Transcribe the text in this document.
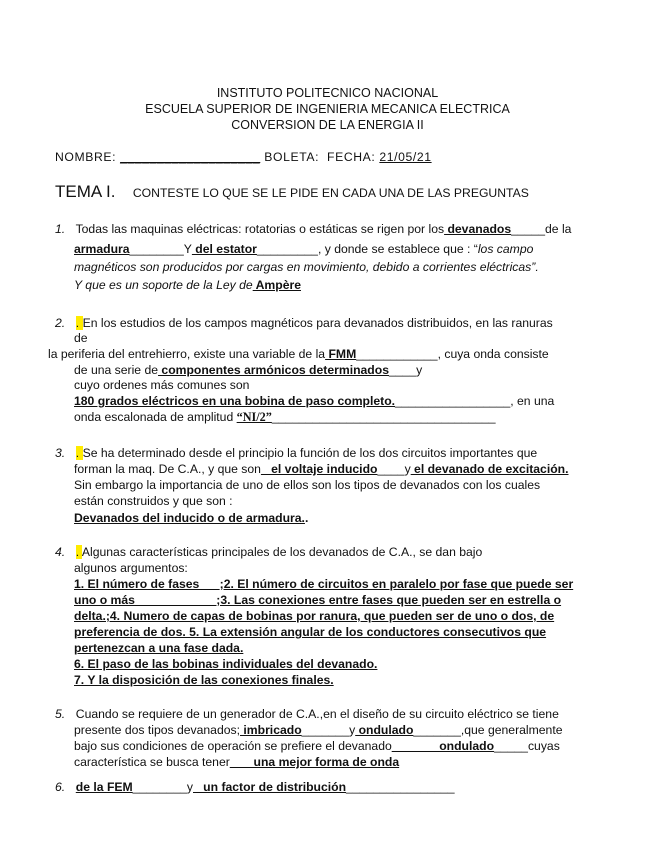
INSTITUTO POLITECNICO NACIONAL
ESCUELA SUPERIOR DE INGENIERIA MECANICA ELECTRICA
CONVERSION DE LA ENERGIA II
NOMBRE: ___________________ BOLETA: FECHA: 21/05/21
TEMA I. CONTESTE LO QUE SE LE PIDE EN CADA UNA DE LAS PREGUNTAS
1. Todas las maquinas eléctricas: rotatorias o estáticas se rigen por los devanados_____de la
armadura________Y del estator_________, y donde se establece que : “los campo
magnéticos son producidos por cargas en movimiento, debido a corrientes eléctricas”.
Y que es un soporte de la Ley de Ampère
2. . En los estudios de los campos magnéticos para devanados distribuidos, en las ranuras
de
la periferia del entrehierro, existe una variable de la FMM____________, cuya onda consiste
de una serie de componentes armónicos determinados____y
cuyo ordenes más comunes son
180 grados eléctricos en una bobina de paso completo._________________, en una
onda escalonada de amplitud “NI/2”_________________________________
3. . Se ha determinado desde el principio la función de los dos circuitos importantes que
forman la maq. De C.A., y que son_ el voltaje inducido____y el devanado de excitación.
Sin embargo la importancia de uno de ellos son los tipos de devanados con los cuales
están construidos y que son :
Devanados del inducido o de armadura..
4. . Algunas características principales de los devanados de C.A., se dan bajo
algunos argumentos:
1. El número de fases___;2. El número de circuitos en paralelo por fase que puede ser
uno o más____________;3. Las conexiones entre fases que pueden ser en estrella o
delta.;4. Numero de capas de bobinas por ranura, que pueden ser de uno o dos, de
preferencia de dos. 5. La extensión angular de los conductores consecutivos que
pertenezcan a una fase dada.
6. El paso de las bobinas individuales del devanado.
7. Y la disposición de las conexiones finales.
5. Cuando se requiere de un generador de C.A.,en el diseño de su circuito eléctrico se tiene
presente dos tipos devanados; imbricado_______y ondulado_______,que generalmente
bajo sus condiciones de operación se prefiere el devanado_______ondulado_____cuyas
característica se busca tener___ una mejor forma de onda
6. de la FEM________y _un factor de distribución________________
